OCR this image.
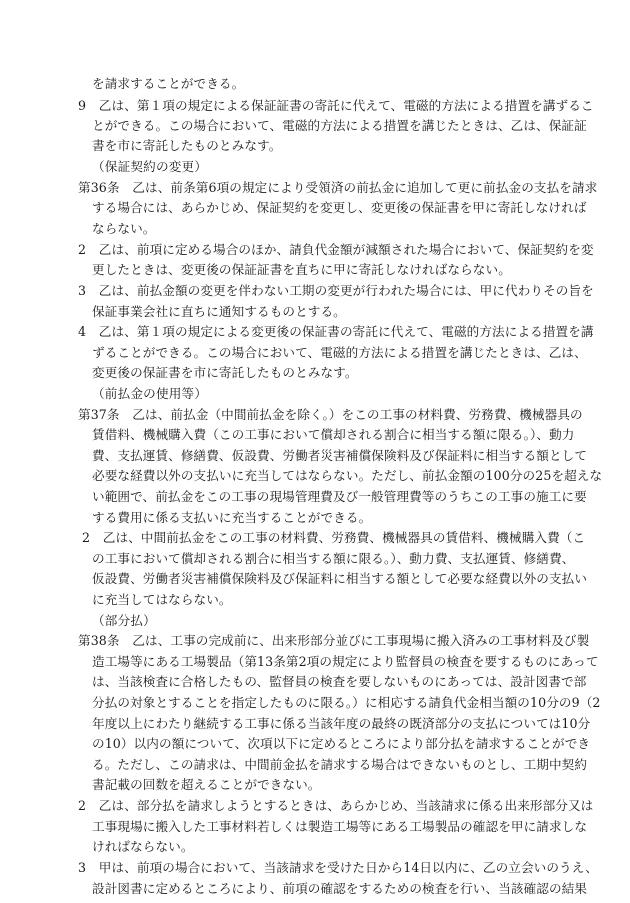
を請求することができる。
9　乙は、第１項の規定による保証証書の寄託に代えて、電磁的方法による措置を講ずるこ
とができる。この場合において、電磁的方法による措置を講じたときは、乙は、保証証
書を市に寄託したものとみなす。
（保証契約の変更）
第36条　乙は、前条第6項の規定により受領済の前払金に追加して更に前払金の支払を請求
する場合には、あらかじめ、保証契約を変更し、変更後の保証書を甲に寄託しなければ
ならない。
2　乙は、前項に定める場合のほか、請負代金額が減額された場合において、保証契約を変
更したときは、変更後の保証証書を直ちに甲に寄託しなければならない。
3　乙は、前払金額の変更を伴わない工期の変更が行われた場合には、甲に代わりその旨を
保証事業会社に直ちに通知するものとする。
4　乙は、第１項の規定による変更後の保証書の寄託に代えて、電磁的方法による措置を講
ずることができる。この場合において、電磁的方法による措置を講じたときは、乙は、
変更後の保証書を市に寄託したものとみなす。
（前払金の使用等）
第37条　乙は、前払金（中間前払金を除く。）をこの工事の材料費、労務費、機械器具の
賃借料、機械購入費（この工事において償却される割合に相当する額に限る。）、動力
費、支払運賃、修繕費、仮設費、労働者災害補償保険料及び保証料に相当する額として
必要な経費以外の支払いに充当してはならない。ただし、前払金額の100分の25を超えな
い範囲で、前払金をこの工事の現場管理費及び一般管理費等のうちこの工事の施工に要
する費用に係る支払いに充当することができる。
2　乙は、中間前払金をこの工事の材料費、労務費、機械器具の賃借料、機械購入費（こ
の工事において償却される割合に相当する額に限る。）、動力費、支払運賃、修繕費、
仮設費、労働者災害補償保険料及び保証料に相当する額として必要な経費以外の支払い
に充当してはならない。
（部分払）
第38条　乙は、工事の完成前に、出来形部分並びに工事現場に搬入済みの工事材料及び製
造工場等にある工場製品（第13条第2項の規定により監督員の検査を要するものにあって
は、当該検査に合格したもの、監督員の検査を要しないものにあっては、設計図書で部
分払の対象とすることを指定したものに限る。）に相応する請負代金相当額の10分の9（2
年度以上にわたり継続する工事に係る当該年度の最終の既済部分の支払については10分
の10）以内の額について、次項以下に定めるところにより部分払を請求することができ
る。ただし、この請求は、中間前金払を請求する場合はできないものとし、工期中契約
書記載の回数を超えることができない。
2　乙は、部分払を請求しようとするときは、あらかじめ、当該請求に係る出来形部分又は
工事現場に搬入した工事材料若しくは製造工場等にある工場製品の確認を甲に請求しな
ければならない。
3　甲は、前項の場合において、当該請求を受けた日から14日以内に、乙の立会いのうえ、
設計図書に定めるところにより、前項の確認をするための検査を行い、当該確認の結果
